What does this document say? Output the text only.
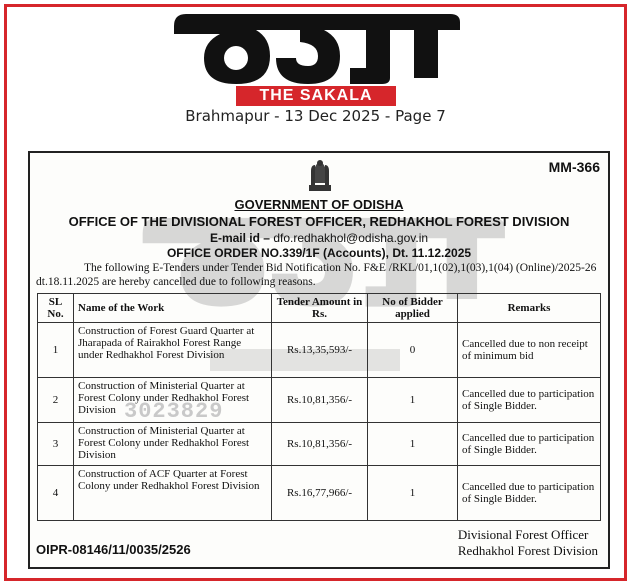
THE SAKALA
Brahmapur - 13 Dec 2025 - Page 7
3023829
MM-366
GOVERNMENT OF ODISHA
OFFICE OF THE DIVISIONAL FOREST OFFICER, REDHAKHOL FOREST DIVISION
E-mail id – dfo.redhakhol@odisha.gov.in
OFFICE ORDER NO.339/1F (Accounts), Dt. 11.12.2025
The following E-Tenders under Tender Bid Notification No. F&E /RKL/01,1(02),1(03),1(04) (Online)/2025-26 dt.18.11.2025 are hereby cancelled due to following reasons.
SL No.	Name of the Work	Tender Amount in Rs.	No of Bidder applied	Remarks
1	Construction of Forest Guard Quarter at Jharapada of Rairakhol Forest Range under Redhakhol Forest Division	Rs.13,35,593/-	0	Cancelled due to non receipt of minimum bid
2	Construction of Ministerial Quarter at Forest Colony under Redhakhol Forest Division	Rs.10,81,356/-	1	Cancelled due to participation of Single Bidder.
3	Construction of Ministerial Quarter at Forest Colony under Redhakhol Forest Division	Rs.10,81,356/-	1	Cancelled due to participation of Single Bidder.
4	Construction of ACF Quarter at Forest Colony under Redhakhol Forest Division	Rs.16,77,966/-	1	Cancelled due to participation of Single Bidder.
OIPR-08146/11/0035/2526
Divisional Forest Officer
Redhakhol Forest Division
